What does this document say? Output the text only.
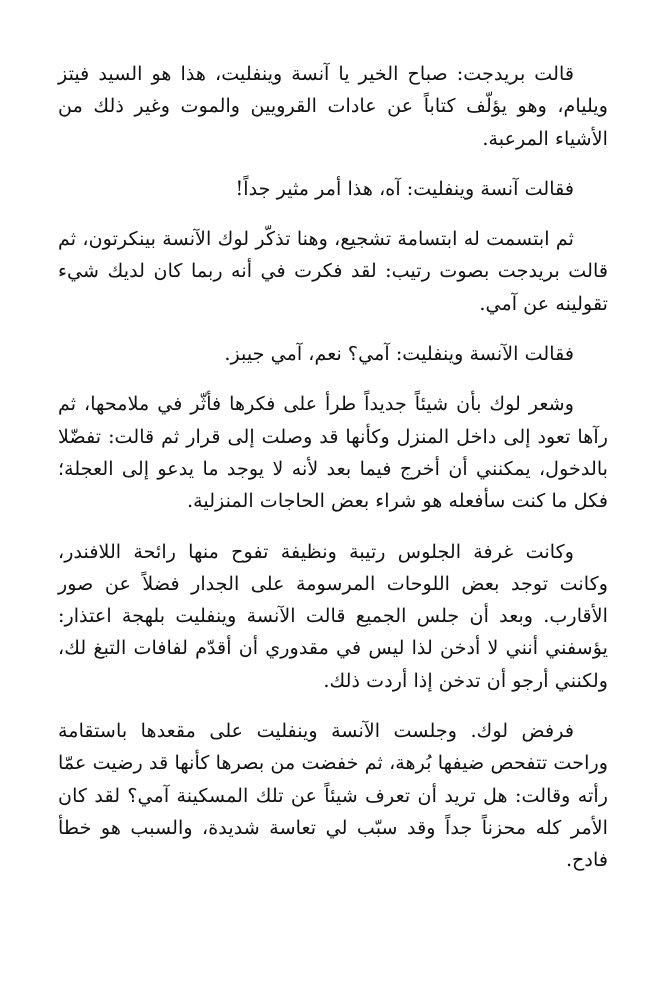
قالت بريدجت: صباح الخير يا آنسة وينفليت، هذا هو السيد فيتز ويليام، وهو يؤلّف كتاباً عن عادات القرويين والموت وغير ذلك من الأشياء المرعبة.

فقالت آنسة وينفليت: آه، هذا أمر مثير جداً!

ثم ابتسمت له ابتسامة تشجيع، وهنا تذكّر لوك الآنسة بينكرتون، ثم قالت بريدجت بصوت رتيب: لقد فكرت في أنه ربما كان لديك شيء تقولينه عن آمي.

فقالت الآنسة وينفليت: آمي؟ نعم، آمي جيبز.

وشعر لوك بأن شيئاً جديداً طرأ على فكرها فأثّر في ملامحها، ثم رآها تعود إلى داخل المنزل وكأنها قد وصلت إلى قرار ثم قالت: تفضّلا بالدخول، يمكنني أن أخرج فيما بعد لأنه لا يوجد ما يدعو إلى العجلة؛ فكل ما كنت سأفعله هو شراء بعض الحاجات المنزلية.

وكانت غرفة الجلوس رتيبة ونظيفة تفوح منها رائحة اللافندر، وكانت توجد بعض اللوحات المرسومة على الجدار فضلاً عن صور الأقارب. وبعد أن جلس الجميع قالت الآنسة وينفليت بلهجة اعتذار: يؤسفني أنني لا أدخن لذا ليس في مقدوري أن أقدّم لفافات التبغ لك، ولكنني أرجو أن تدخن إذا أردت ذلك.

فرفض لوك. وجلست الآنسة وينفليت على مقعدها باستقامة وراحت تتفحص ضيفها بُرهة، ثم خفضت من بصرها كأنها قد رضيت عمّا رأته وقالت: هل تريد أن تعرف شيئاً عن تلك المسكينة آمي؟ لقد كان الأمر كله محزناً جداً وقد سبّب لي تعاسة شديدة، والسبب هو خطأ فادح.
